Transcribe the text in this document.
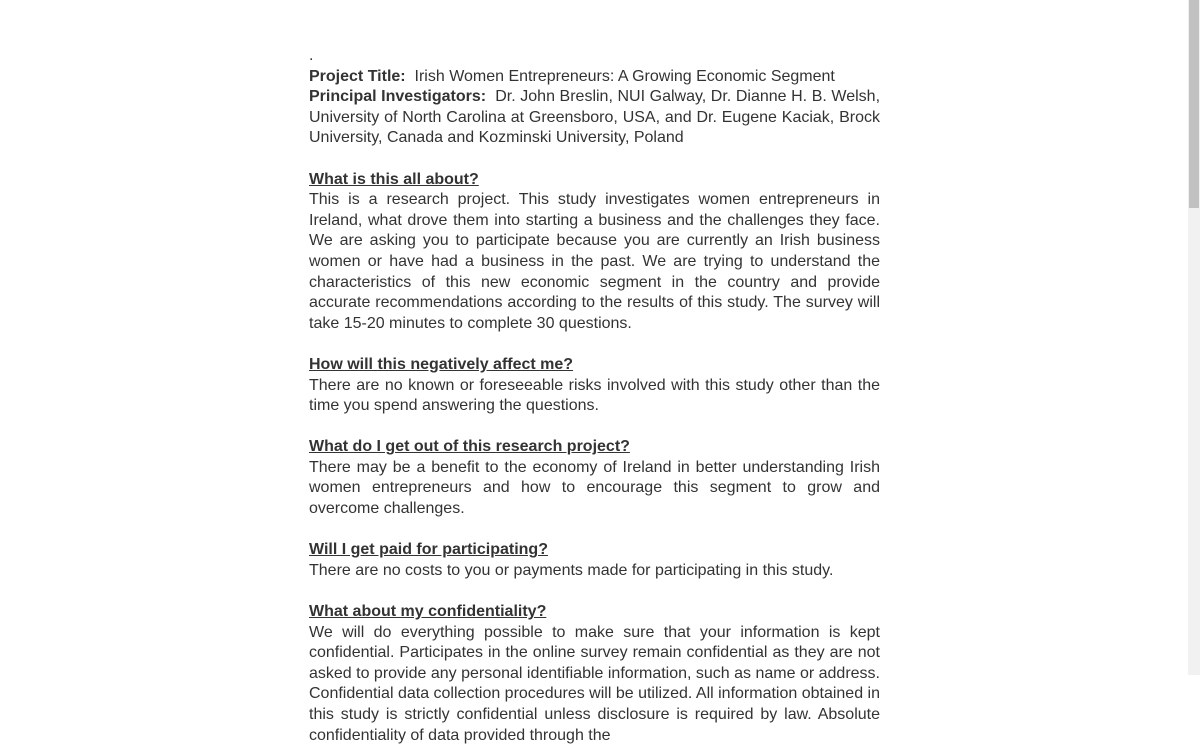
.

Project Title: Irish Women Entrepreneurs: A Growing Economic Segment

Principal Investigators: Dr. John Breslin, NUI Galway, Dr. Dianne H. B. Welsh, University of North Carolina at Greensboro, USA, and Dr. Eugene Kaciak, Brock University, Canada and Kozminski University, Poland

What is this all about?

This is a research project. This study investigates women entrepreneurs in Ireland, what drove them into starting a business and the challenges they face. We are asking you to participate because you are currently an Irish business women or have had a business in the past. We are trying to understand the characteristics of this new economic segment in the country and provide accurate recommendations according to the results of this study. The survey will take 15-20 minutes to complete 30 questions.

How will this negatively affect me?

There are no known or foreseeable risks involved with this study other than the time you spend answering the questions.

What do I get out of this research project?

There may be a benefit to the economy of Ireland in better understanding Irish women entrepreneurs and how to encourage this segment to grow and overcome challenges.

Will I get paid for participating?

There are no costs to you or payments made for participating in this study.

What about my confidentiality?

We will do everything possible to make sure that your information is kept confidential. Participates in the online survey remain confidential as they are not asked to provide any personal identifiable information, such as name or address. Confidential data collection procedures will be utilized. All information obtained in this study is strictly confidential unless disclosure is required by law. Absolute confidentiality of data provided through the
